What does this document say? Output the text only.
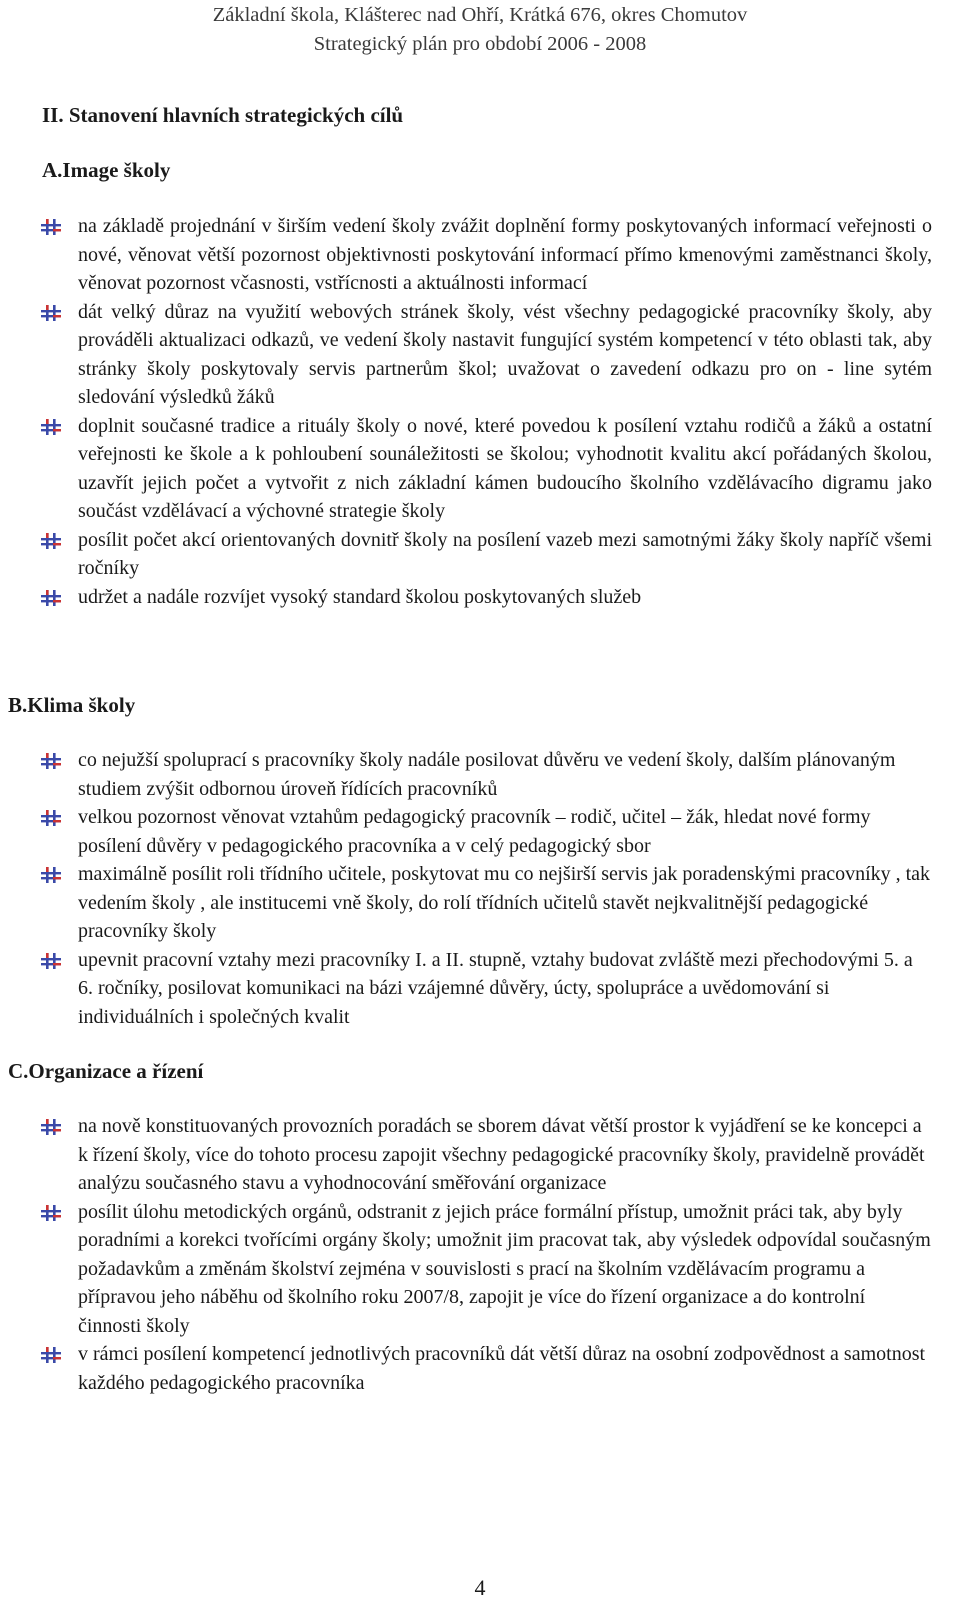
Základní škola, Klášterec nad Ohří, Krátká 676, okres Chomutov
Strategický plán pro období 2006 - 2008
II. Stanovení hlavních strategických cílů
A.Image školy
na základě projednání v širším vedení školy zvážit doplnění formy poskytovaných informací veřejnosti o nové, věnovat větší pozornost objektivnosti poskytování informací přímo kmenovými zaměstnanci školy, věnovat pozornost včasnosti, vstřícnosti a aktuálnosti informací
dát velký důraz na využití webových stránek školy, vést všechny pedagogické pracovníky školy, aby prováděli aktualizaci odkazů, ve vedení školy nastavit fungující systém kompetencí v této oblasti tak, aby stránky školy poskytovaly servis partnerům škol; uvažovat o zavedení odkazu pro on - line sytém sledování výsledků žáků
doplnit současné tradice a rituály školy o nové, které povedou k posílení vztahu rodičů a žáků a ostatní veřejnosti ke škole a k pohloubení sounáležitosti se školou; vyhodnotit kvalitu akcí pořádaných školou, uzavřít jejich počet a vytvořit z nich základní kámen budoucího školního vzdělávacího digramu jako součást vzdělávací a výchovné strategie školy
posílit počet akcí orientovaných dovnitř školy na posílení vazeb mezi samotnými žáky školy napříč všemi ročníky
udržet a nadále rozvíjet vysoký standard školou poskytovaných služeb
B.Klima školy
co nejužší spoluprací s pracovníky školy nadále posilovat důvěru ve vedení školy, dalším plánovaným studiem zvýšit odbornou úroveň řídících pracovníků
velkou pozornost věnovat vztahům pedagogický pracovník – rodič, učitel – žák, hledat nové formy posílení důvěry v pedagogického pracovníka a v celý pedagogický sbor
maximálně posílit roli třídního učitele, poskytovat mu co nejširší servis jak poradenskými pracovníky , tak vedením školy , ale institucemi vně školy, do rolí třídních učitelů stavět nejkvalitnější pedagogické pracovníky školy
upevnit pracovní vztahy mezi pracovníky I. a II. stupně, vztahy budovat zvláště mezi přechodovými 5. a 6. ročníky, posilovat komunikaci na bázi vzájemné důvěry, úcty, spolupráce a uvědomování si individuálních i společných kvalit
C.Organizace a řízení
na nově konstituovaných provozních poradách se sborem dávat větší prostor k vyjádření se ke koncepci a k řízení školy, více do tohoto procesu zapojit všechny pedagogické pracovníky školy, pravidelně provádět analýzu současného stavu a vyhodnocování směřování organizace
posílit úlohu metodických orgánů, odstranit z jejich práce formální přístup, umožnit práci tak, aby byly poradními a korekci tvořícími orgány školy; umožnit jim pracovat tak, aby výsledek odpovídal současným požadavkům a změnám školství zejména v souvislosti s prací na školním vzdělávacím programu a přípravou jeho náběhu od školního roku 2007/8, zapojit je více do řízení organizace a do kontrolní činnosti školy
v rámci posílení kompetencí jednotlivých pracovníků dát větší důraz na osobní zodpovědnost a samotnost každého pedagogického pracovníka
4
